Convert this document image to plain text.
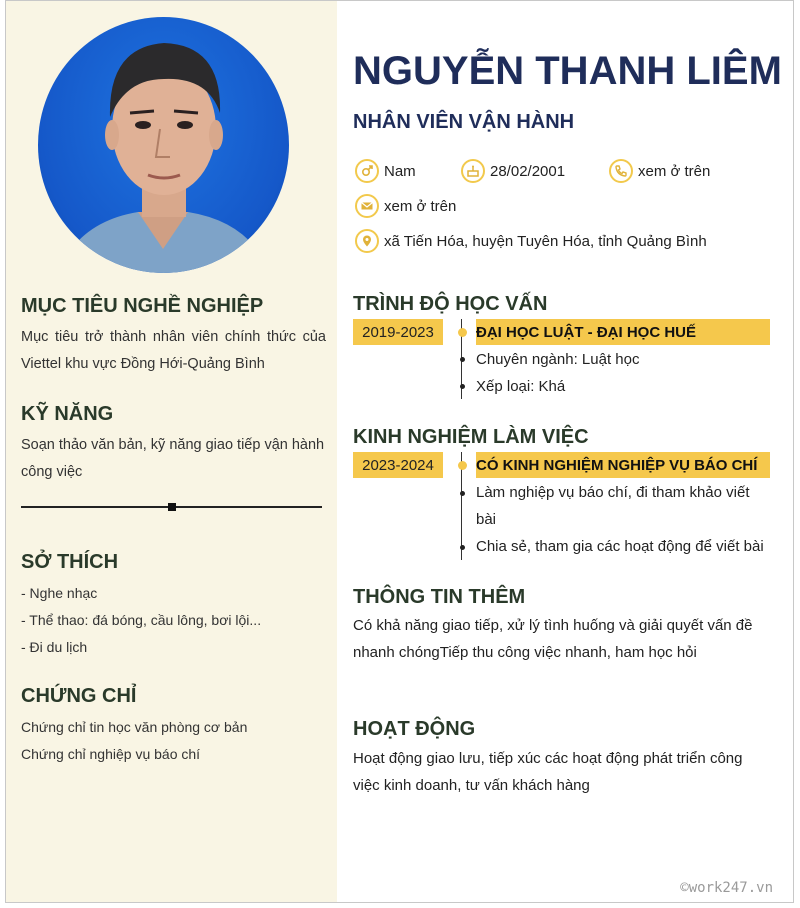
MỤC TIÊU NGHỀ NGHIỆP
Mục tiêu trở thành nhân viên chính thức của Viettel khu vực Đồng Hới-Quảng Bình
KỸ NĂNG
Soạn thảo văn bản, kỹ năng giao tiếp vận hành công việc
SỞ THÍCH
- Nghe nhạc
- Thể thao: đá bóng, cầu lông, bơi lội...
- Đi du lịch
CHỨNG CHỈ
Chứng chỉ tin học văn phòng cơ bản
Chứng chỉ nghiệp vụ báo chí
NGUYỄN THANH LIÊM
NHÂN VIÊN VẬN HÀNH
Nam	28/02/2001	xem ở trên
xem ở trên
xã Tiến Hóa, huyện Tuyên Hóa, tỉnh Quảng Bình
TRÌNH ĐỘ HỌC VẤN
2019-2023	ĐẠI HỌC LUẬT - ĐẠI HỌC HUẾ
Chuyên ngành: Luật học
Xếp loại: Khá
KINH NGHIỆM LÀM VIỆC
2023-2024	CÓ KINH NGHIỆM NGHIỆP VỤ BÁO CHÍ
Làm nghiệp vụ báo chí, đi tham khảo viết bài
Chia sẻ, tham gia các hoạt động để viết bài
THÔNG TIN THÊM
Có khả năng giao tiếp, xử lý tình huống và giải quyết vấn đề nhanh chóngTiếp thu công việc nhanh, ham học hỏi
HOẠT ĐỘNG
Hoạt động giao lưu, tiếp xúc các hoạt động phát triển công việc kinh doanh, tư vấn khách hàng
©work247.vn
